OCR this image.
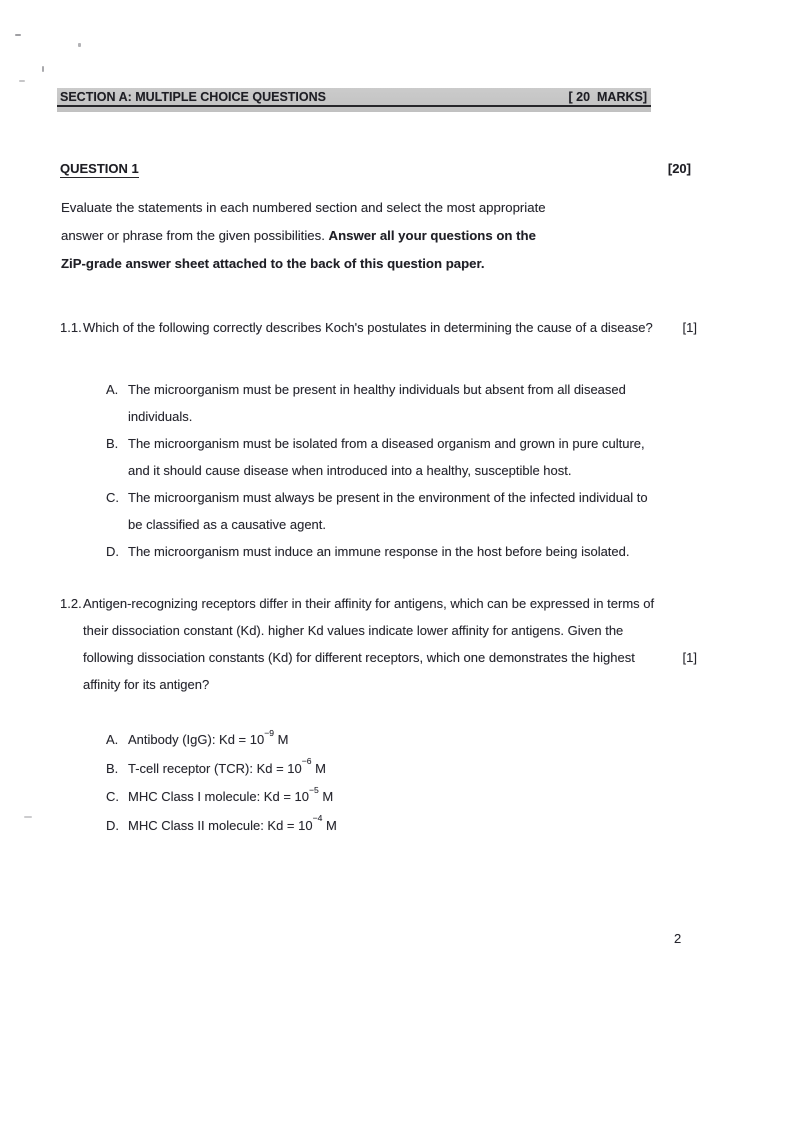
SECTION A: MULTIPLE CHOICE QUESTIONS	[ 20  MARKS]
QUESTION 1	[20]
Evaluate the statements in each numbered section and select the most appropriate
answer or phrase from the given possibilities. Answer all your questions on the
ZiP-grade answer sheet attached to the back of this question paper.
1.1. Which of the following correctly describes Koch's postulates in determining the cause of a disease?	[1]
A. The microorganism must be present in healthy individuals but absent from all diseased individuals.
B. The microorganism must be isolated from a diseased organism and grown in pure culture, and it should cause disease when introduced into a healthy, susceptible host.
C. The microorganism must always be present in the environment of the infected individual to be classified as a causative agent.
D. The microorganism must induce an immune response in the host before being isolated.
1.2. Antigen-recognizing receptors differ in their affinity for antigens, which can be expressed in terms of
their dissociation constant (Kd). higher Kd values indicate lower affinity for antigens. Given the
following dissociation constants (Kd) for different receptors, which one demonstrates the highest
affinity for its antigen?
[1]
A. Antibody (IgG): $Kd = 10^{-9}$ M
B. T-cell receptor (TCR): $Kd = 10^{-6}$ M
C. MHC Class I molecule: $Kd = 10^{-5}$ M
D. MHC Class II molecule: $Kd = 10^{-4}$ M
2
